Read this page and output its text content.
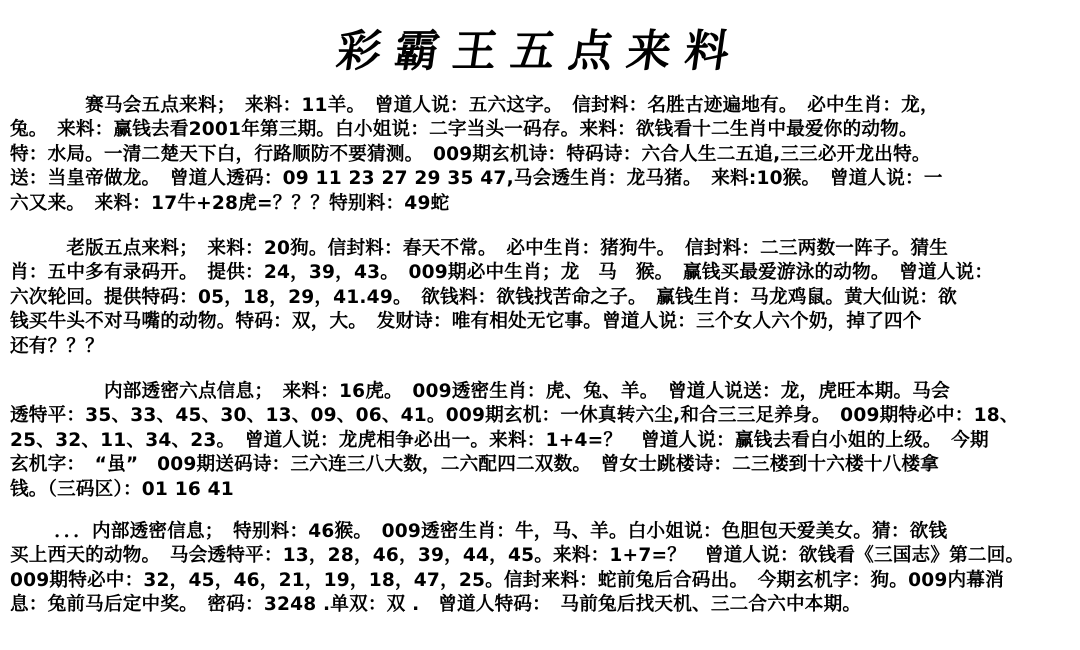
彩霸王五点来料
　　　　赛马会五点来料；　来料：11羊。　曾道人说：五六这字。　信封料：名胜古迹遍地有。　必中生肖：龙，
兔。　来料：赢钱去看2001年第三期。白小姐说：二字当头一码存。来料：欲钱看十二生肖中最爱你的动物。
特：水局。一清二楚天下白，行路顺防不要猜测。　009期玄机诗：特码诗：六合人生二五追,三三必开龙出特。
送：当皇帝做龙。　曾道人透码：09 11 23 27 29 35 47,马会透生肖：龙马猪。　来料:10猴。　曾道人说：一
六又来。　来料：17牛+28虎=？？？特别料：49蛇
　　　老版五点来料；　来料：20狗。信封料：春天不常。　必中生肖：猪狗牛。　信封料：二三两数一阵子。猜生
肖：五中多有录码开。　提供：24，39，43。　009期必中生肖；龙　马　猴。　赢钱买最爱游泳的动物。　曾道人说：
六次轮回。提供特码：05，18，29，41.49。　欲钱料：欲钱找苦命之子。　赢钱生肖：马龙鸡鼠。黄大仙说：欲
钱买牛头不对马嘴的动物。特码：双，大。　发财诗：唯有相处无它事。曾道人说：三个女人六个奶，掉了四个
还有？？？
　　　　　内部透密六点信息；　来料：16虎。　009透密生肖：虎、兔、羊。　曾道人说送：龙，虎旺本期。马会
透特平：35、33、45、30、13、09、06、41。009期玄机：一休真转六尘,和合三三足养身。　009期特必中：18、
25、32、11、34、23。　曾道人说：龙虎相争必出一。来料：1+4=？　曾道人说：赢钱去看白小姐的上级。　今期
玄机字：　“虽”　009期送码诗：三六连三八大数，二六配四二双数。　曾女士跳楼诗：二三楼到十六楼十八楼拿
钱。（三码区）：01 16 41
　　 ．．．内部透密信息；　特别料：46猴。　009透密生肖：牛，马、羊。白小姐说：色胆包天爱美女。猜：欲钱
买上西天的动物。　马会透特平：13，28，46，39，44，45。来料：1+7=？　曾道人说：欲钱看《三国志》第二回。
009期特必中：32，45，46，21，19，18，47，25。信封来料：蛇前兔后合码出。　今期玄机字：狗。009内幕消
息：兔前马后定中奖。　密码：3248 .单双：双 .　曾道人特码：　马前兔后找天机、三二合六中本期。
